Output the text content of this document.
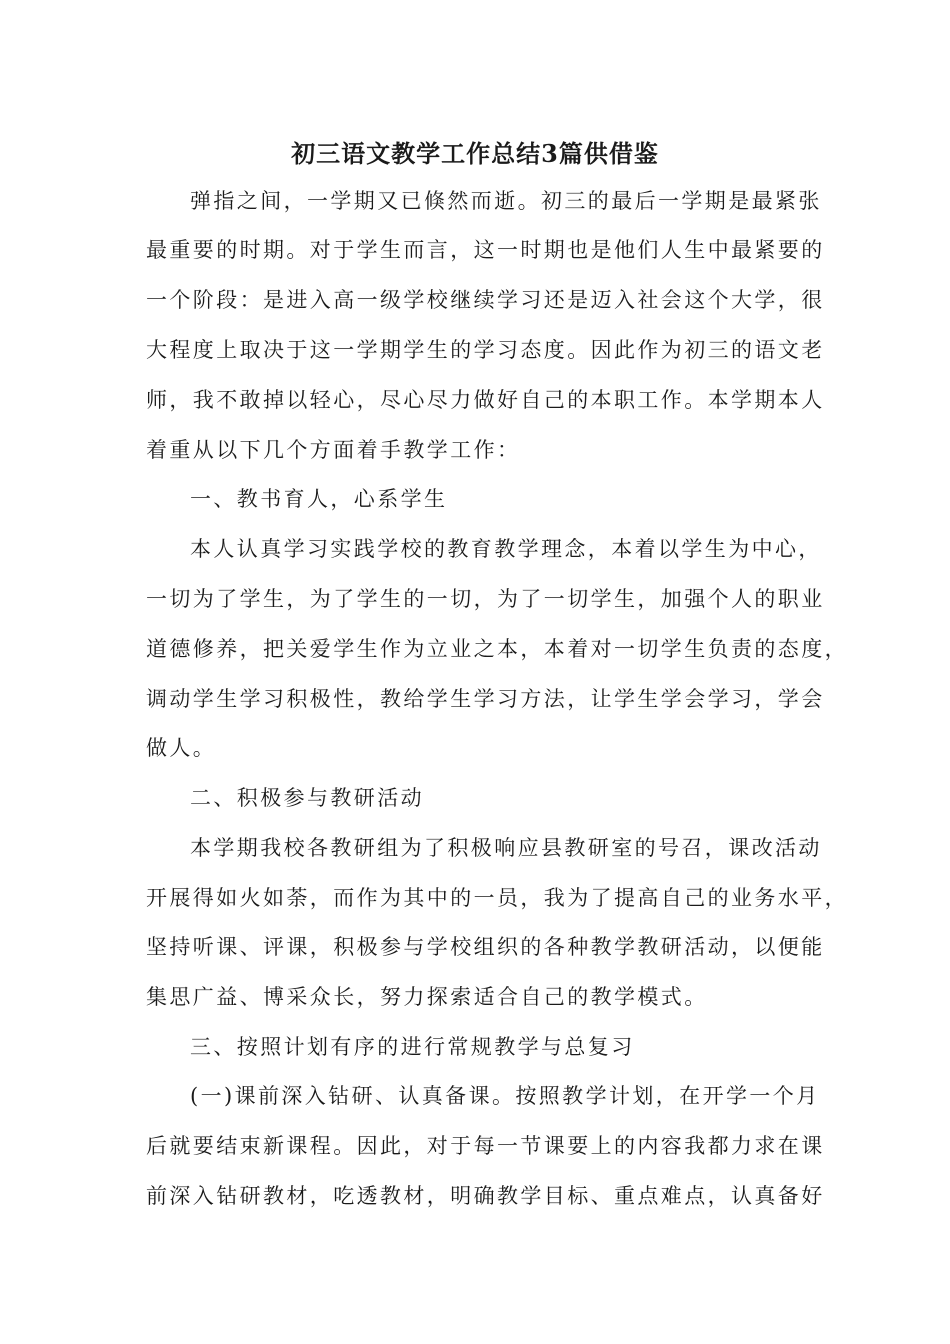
初三语文教学工作总结3篇供借鉴

弹指之间，一学期又已倏然而逝。初三的最后一学期是最紧张

最重要的时期。对于学生而言，这一时期也是他们人生中最紧要的

一个阶段：是进入高一级学校继续学习还是迈入社会这个大学，很

大程度上取决于这一学期学生的学习态度。因此作为初三的语文老

师，我不敢掉以轻心，尽心尽力做好自己的本职工作。本学期本人

着重从以下几个方面着手教学工作：

一、教书育人，心系学生

本人认真学习实践学校的教育教学理念，本着以学生为中心，

一切为了学生，为了学生的一切，为了一切学生，加强个人的职业

道德修养，把关爱学生作为立业之本，本着对一切学生负责的态度，

调动学生学习积极性，教给学生学习方法，让学生学会学习，学会

做人。

二、积极参与教研活动

本学期我校各教研组为了积极响应县教研室的号召，课改活动

开展得如火如荼，而作为其中的一员，我为了提高自己的业务水平，

坚持听课、评课，积极参与学校组织的各种教学教研活动，以便能

集思广益、博采众长，努力探索适合自己的教学模式。

三、按照计划有序的进行常规教学与总复习

(一)课前深入钻研、认真备课。按照教学计划，在开学一个月

后就要结束新课程。因此，对于每一节课要上的内容我都力求在课

前深入钻研教材，吃透教材，明确教学目标、重点难点，认真备好
